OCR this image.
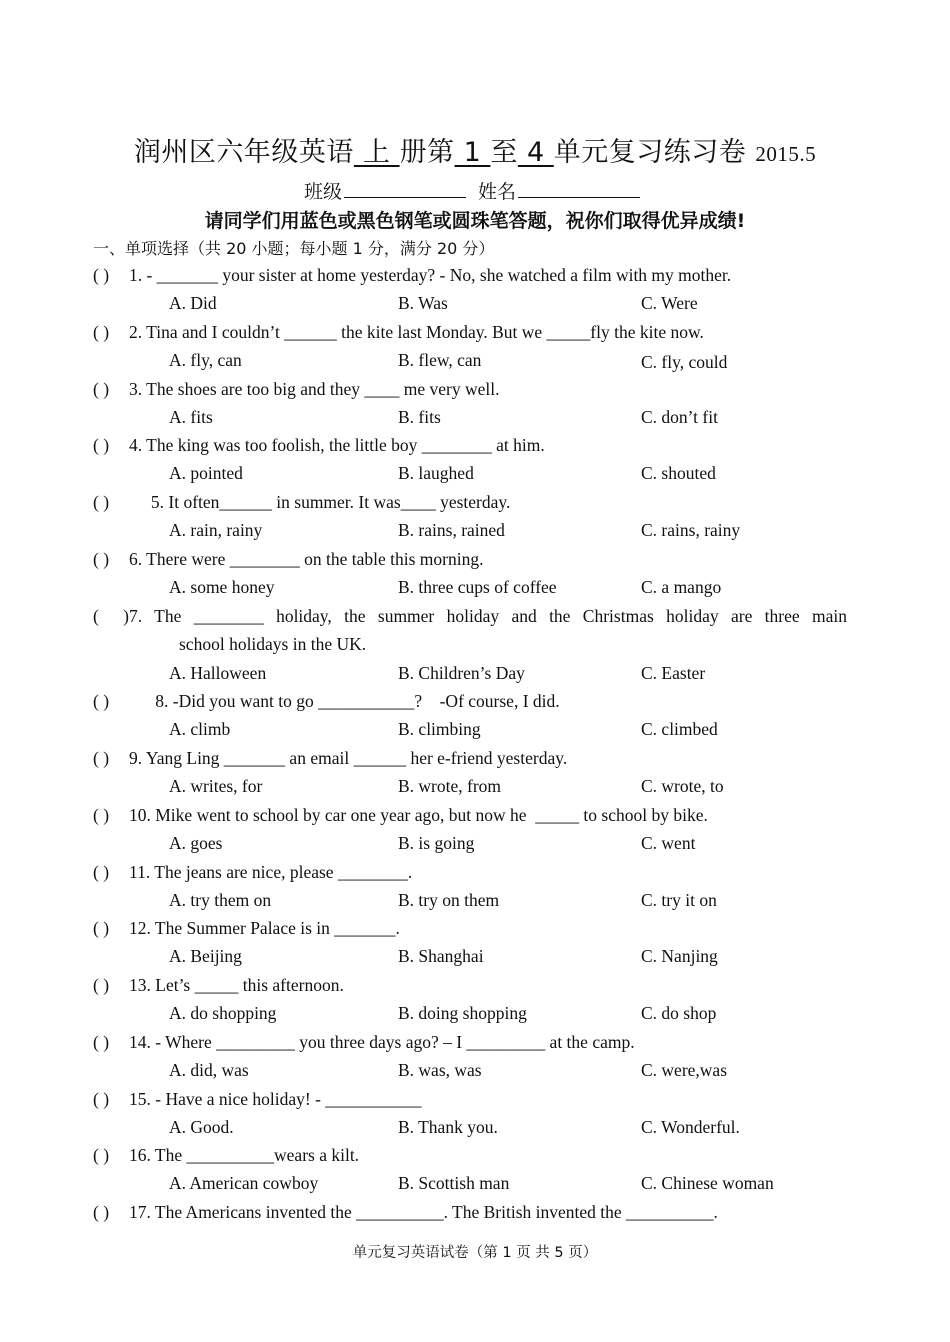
润州区六年级英语 上 册第 1 至 4 单元复习练习卷 2015.5
班级	姓名
请同学们用蓝色或黑色钢笔或圆珠笔答题，祝你们取得优异成绩!
一、单项选择（共 20 小题；每小题 1 分，满分 20 分）
( ) 1. - _______ your sister at home yesterday? - No, she watched a film with my mother.
A. Did	B. Was	C. Were
( ) 2. Tina and I couldn’t ______ the kite last Monday. But we _____fly the kite now.
A. fly, can	B. flew, can	C. fly, could
( ) 3. The shoes are too big and they ____ me very well.
A. fits	B. fits	C. don’t fit
( ) 4. The king was too foolish, the little boy ________ at him.
A. pointed	B. laughed	C. shouted
( )     5. It often______ in summer. It was____ yesterday.
A. rain, rainy	B. rains, rained	C. rains, rainy
( ) 6. There were ________ on the table this morning.
A. some honey	B. three cups of coffee	C. a mango
( )7. The ________ holiday, the summer holiday and the Christmas holiday are three main
school holidays in the UK.
A. Halloween	B. Children’s Day	C. Easter
( )      8. -Did you want to go ___________?    -Of course, I did.
A. climb	B. climbing	C. climbed
( ) 9. Yang Ling _______ an email ______ her e-friend yesterday.
A. writes, for	B. wrote, from	C. wrote, to
( ) 10. Mike went to school by car one year ago, but now he  _____ to school by bike.
A. goes	B. is going	C. went
( ) 11. The jeans are nice, please ________.
A. try them on	B. try on them	C. try it on
( ) 12. The Summer Palace is in _______.
A. Beijing	B. Shanghai	C. Nanjing
( ) 13. Let’s _____ this afternoon.
A. do shopping	B. doing shopping	C. do shop
( ) 14. - Where _________ you three days ago? – I _________ at the camp.
A. did, was	B. was, was	C. were,was
( ) 15. - Have a nice holiday! - ___________
A. Good.	B. Thank you.	C. Wonderful.
( ) 16. The __________wears a kilt.
A. American cowboy	B. Scottish man	C. Chinese woman
( ) 17. The Americans invented the __________. The British invented the __________.
单元复习英语试卷（第 1 页 共 5 页）
